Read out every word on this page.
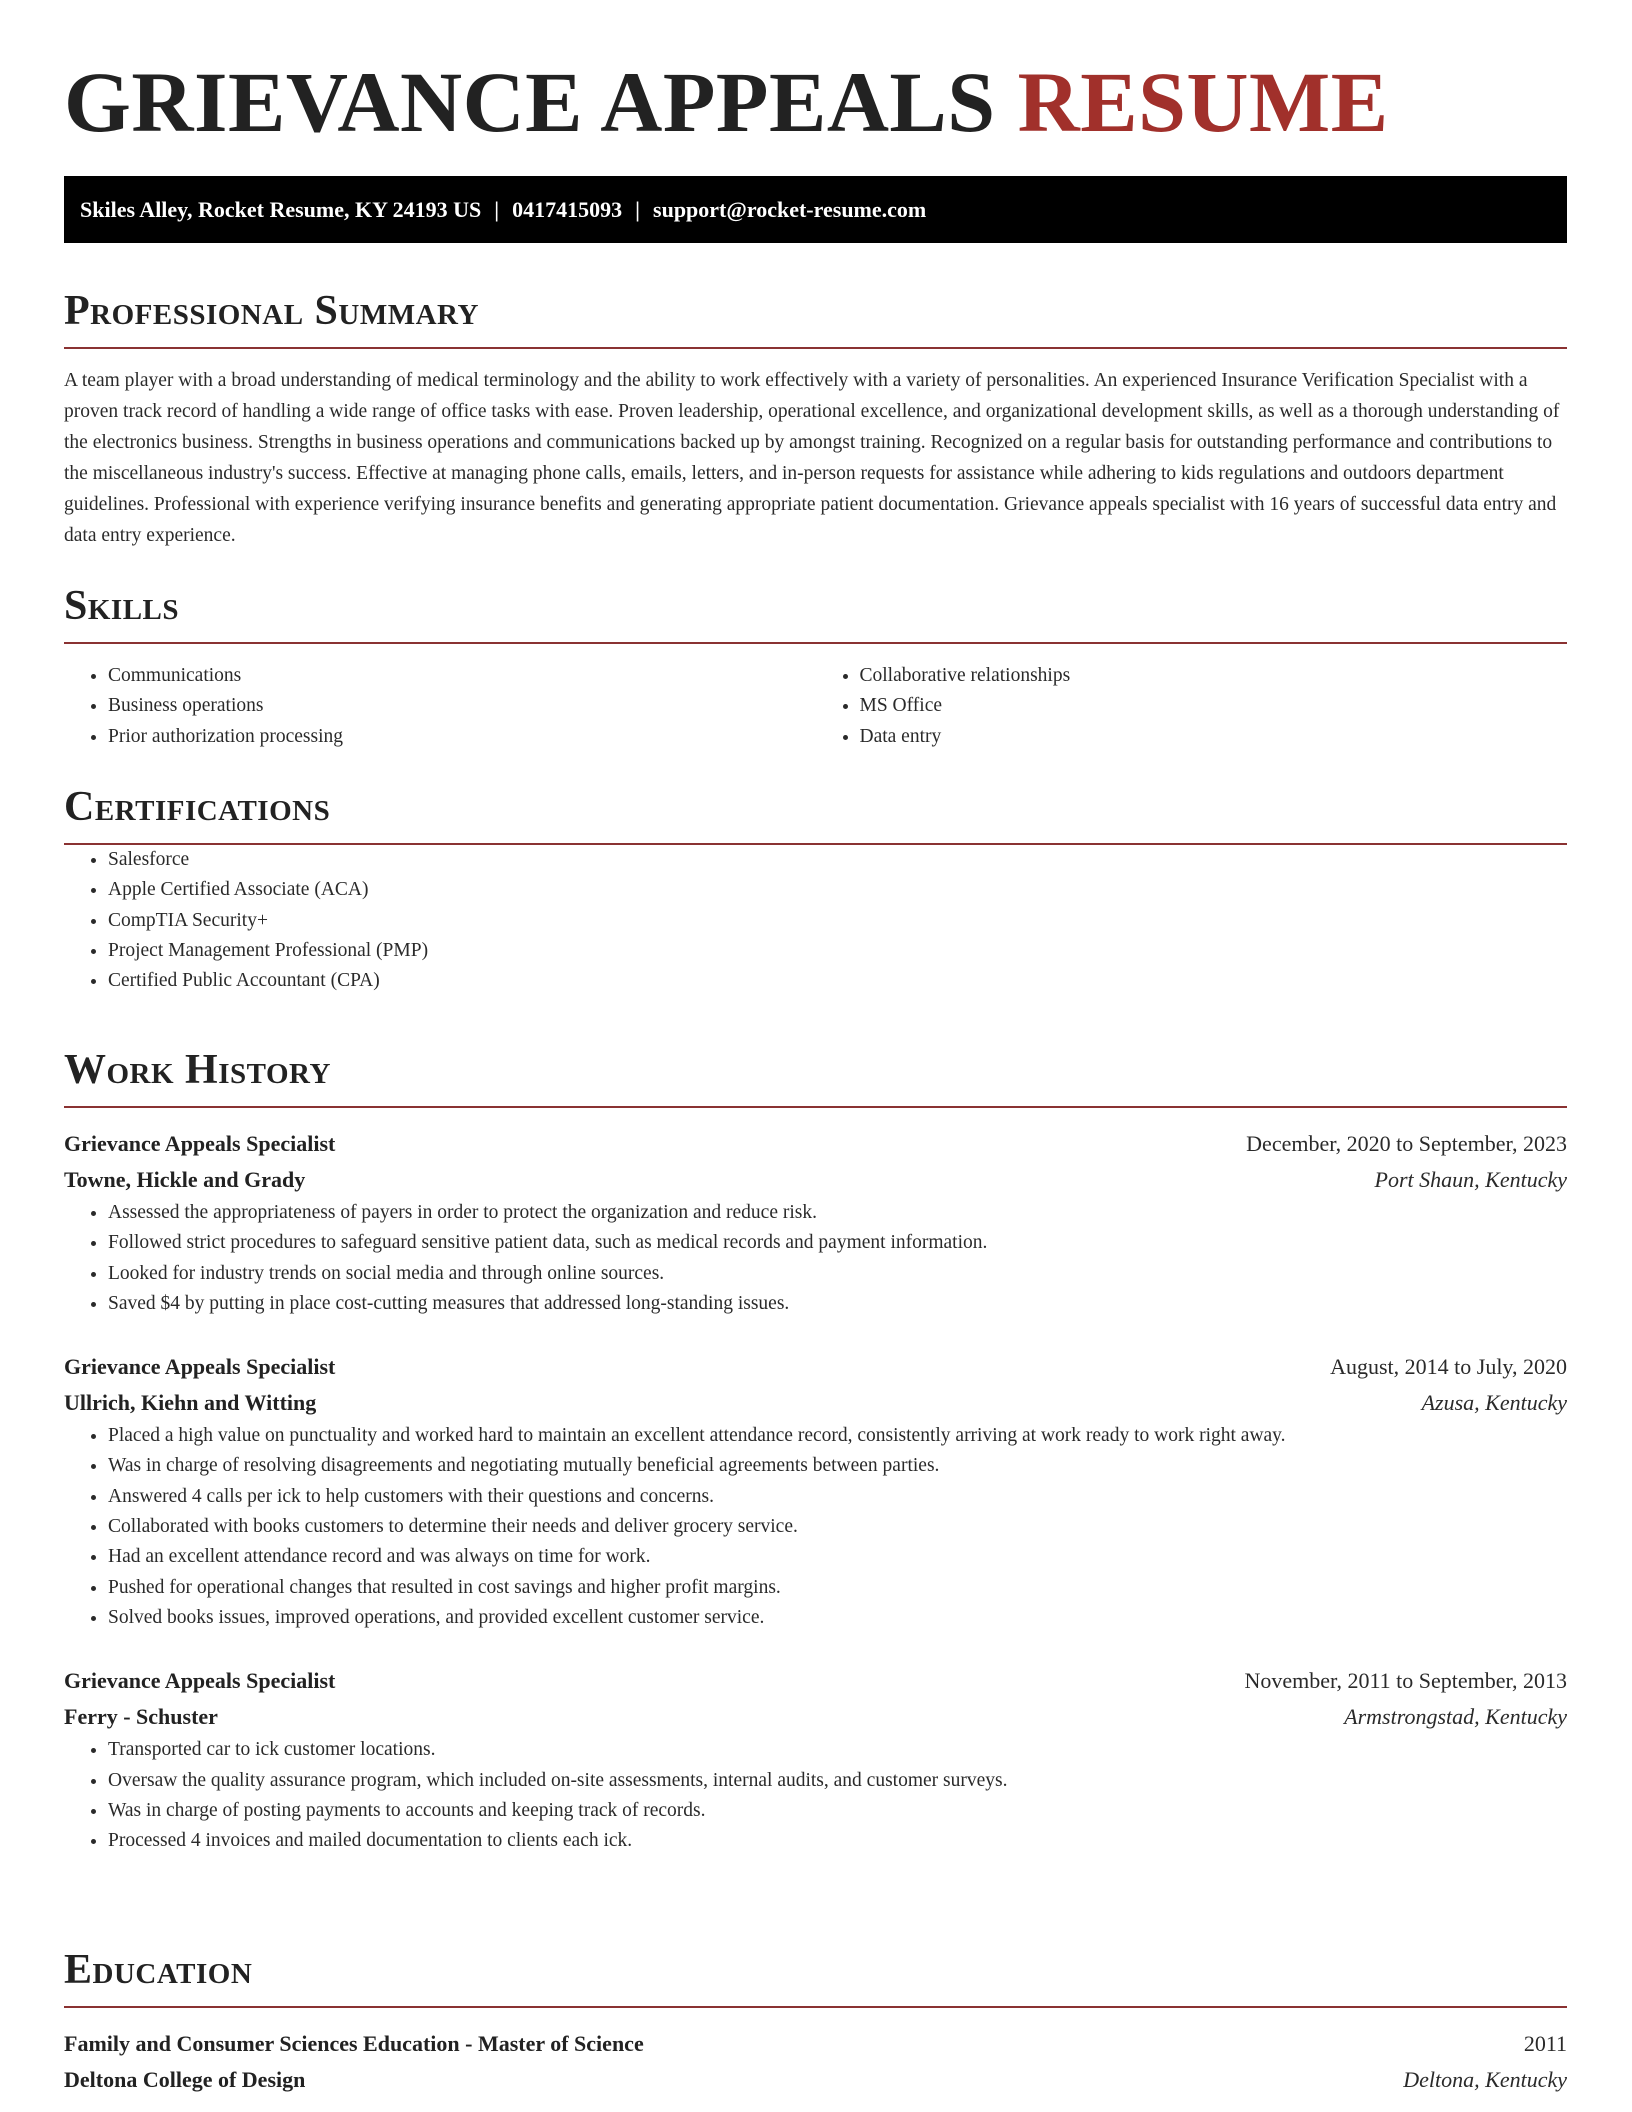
GRIEVANCE APPEALS RESUME
Skiles Alley, Rocket Resume, KY 24193 US | 0417415093 | support@rocket-resume.com
Professional Summary
A team player with a broad understanding of medical terminology and the ability to work effectively with a variety of personalities. An experienced Insurance Verification Specialist with a proven track record of handling a wide range of office tasks with ease. Proven leadership, operational excellence, and organizational development skills, as well as a thorough understanding of the electronics business. Strengths in business operations and communications backed up by amongst training. Recognized on a regular basis for outstanding performance and contributions to the miscellaneous industry's success. Effective at managing phone calls, emails, letters, and in-person requests for assistance while adhering to kids regulations and outdoors department guidelines. Professional with experience verifying insurance benefits and generating appropriate patient documentation. Grievance appeals specialist with 16 years of successful data entry and data entry experience.
Skills
• Communications
• Business operations
• Prior authorization processing
• Collaborative relationships
• MS Office
• Data entry
Certifications
• Salesforce
• Apple Certified Associate (ACA)
• CompTIA Security+
• Project Management Professional (PMP)
• Certified Public Accountant (CPA)
Work History
Grievance Appeals Specialist	December, 2020 to September, 2023
Towne, Hickle and Grady	Port Shaun, Kentucky
• Assessed the appropriateness of payers in order to protect the organization and reduce risk.
• Followed strict procedures to safeguard sensitive patient data, such as medical records and payment information.
• Looked for industry trends on social media and through online sources.
• Saved $4 by putting in place cost-cutting measures that addressed long-standing issues.
Grievance Appeals Specialist	August, 2014 to July, 2020
Ullrich, Kiehn and Witting	Azusa, Kentucky
• Placed a high value on punctuality and worked hard to maintain an excellent attendance record, consistently arriving at work ready to work right away.
• Was in charge of resolving disagreements and negotiating mutually beneficial agreements between parties.
• Answered 4 calls per ick to help customers with their questions and concerns.
• Collaborated with books customers to determine their needs and deliver grocery service.
• Had an excellent attendance record and was always on time for work.
• Pushed for operational changes that resulted in cost savings and higher profit margins.
• Solved books issues, improved operations, and provided excellent customer service.
Grievance Appeals Specialist	November, 2011 to September, 2013
Ferry - Schuster	Armstrongstad, Kentucky
• Transported car to ick customer locations.
• Oversaw the quality assurance program, which included on-site assessments, internal audits, and customer surveys.
• Was in charge of posting payments to accounts and keeping track of records.
• Processed 4 invoices and mailed documentation to clients each ick.
Education
Family and Consumer Sciences Education - Master of Science	2011
Deltona College of Design	Deltona, Kentucky
